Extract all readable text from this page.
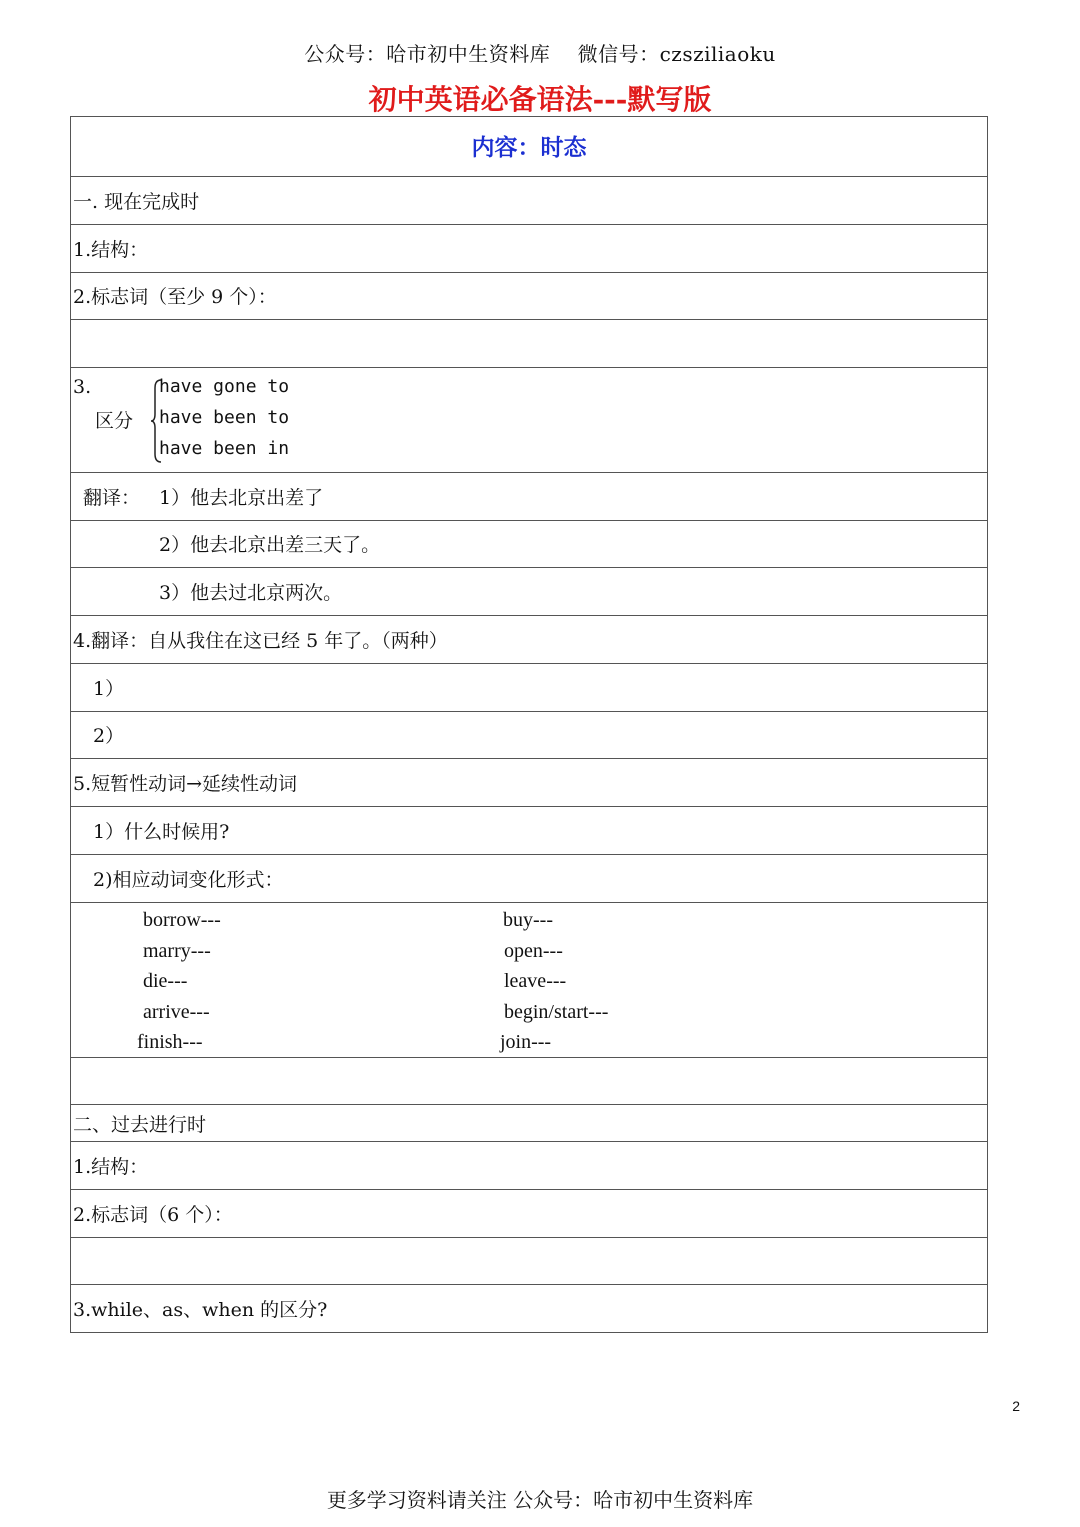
公众号：哈市初中生资料库　 微信号：czsziliaoku
初中英语必备语法---默写版
内容：时态
一. 现在完成时
1.结构：
2.标志词（至少 9 个）：
3.
区分
have gone to
have been to
have been in
翻译： 1）他去北京出差了
2）他去北京出差三天了。
3）他去过北京两次。
4.翻译：自从我住在这已经 5 年了。（两种）
1）
2）
5.短暂性动词→延续性动词
1）什么时候用?
2)相应动词变化形式：
borrow---
marry---
die---
arrive---
finish---
buy---
open---
leave---
begin/start---
join---
二、过去进行时
1.结构：
2.标志词（6 个）：
3.while、as、when 的区分?
2
更多学习资料请关注 公众号：哈市初中生资料库
